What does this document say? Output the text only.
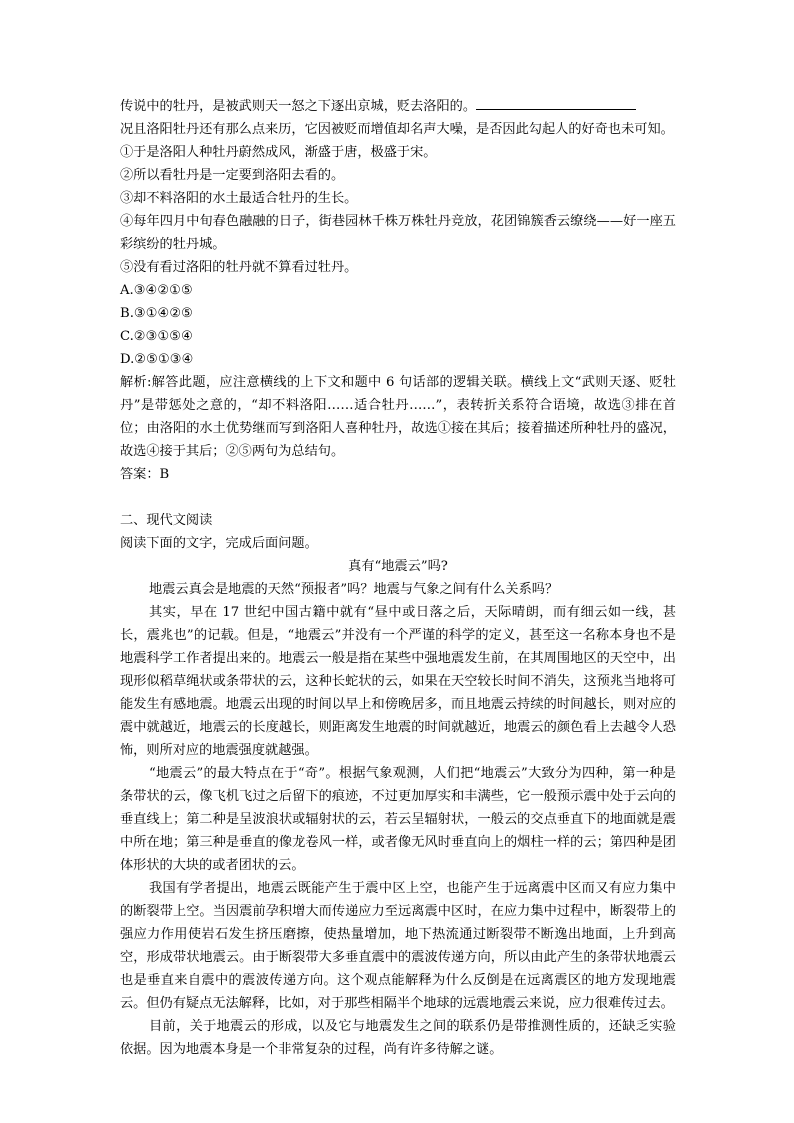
传说中的牡丹，是被武则天一怒之下逐出京城，贬去洛阳的。

况且洛阳牡丹还有那么点来历，它因被贬而增值却名声大噪，是否因此勾起人的好奇也未可知。

①于是洛阳人种牡丹蔚然成风，渐盛于唐，极盛于宋。

②所以看牡丹是一定要到洛阳去看的。

③却不料洛阳的水土最适合牡丹的生长。

④每年四月中旬春色融融的日子，街巷园林千株万株牡丹竞放，花团锦簇香云缭绕——好一座五彩缤纷的牡丹城。

⑤没有看过洛阳的牡丹就不算看过牡丹。

A.③④②①⑤

B.③①④②⑤

C.②③①⑤④

D.②⑤①③④

解析:解答此题，应注意横线的上下文和题中 6 句话部的逻辑关联。横线上文“武则天逐、贬牡丹”是带惩处之意的，“却不料洛阳……适合牡丹……”，表转折关系符合语境，故选③排在首位；由洛阳的水土优势继而写到洛阳人喜种牡丹，故选①接在其后；接着描述所种牡丹的盛况，故选④接于其后；②⑤两句为总结句。

答案：B

二、现代文阅读

阅读下面的文字，完成后面问题。

真有“地震云”吗?

地震云真会是地震的天然“预报者”吗？地震与气象之间有什么关系吗？

其实，早在 17 世纪中国古籍中就有“昼中或日落之后，天际晴朗，而有细云如一线，甚长，震兆也”的记载。但是，“地震云”并没有一个严谨的科学的定义，甚至这一名称本身也不是地震科学工作者提出来的。地震云一般是指在某些中强地震发生前，在其周围地区的天空中，出现形似稻草绳状或条带状的云，这种长蛇状的云，如果在天空较长时间不消失，这预兆当地将可能发生有感地震。地震云出现的时间以早上和傍晚居多，而且地震云持续的时间越长，则对应的震中就越近，地震云的长度越长，则距离发生地震的时间就越近，地震云的颜色看上去越令人恐怖，则所对应的地震强度就越强。

“地震云”的最大特点在于“奇”。根据气象观测，人们把“地震云”大致分为四种，第一种是条带状的云，像飞机飞过之后留下的痕迹，不过更加厚实和丰满些，它一般预示震中处于云向的垂直线上；第二种是呈波浪状或辐射状的云，若云呈辐射状，一般云的交点垂直下的地面就是震中所在地；第三种是垂直的像龙卷风一样，或者像无风时垂直向上的烟柱一样的云；第四种是团体形状的大块的或者团状的云。

我国有学者提出，地震云既能产生于震中区上空，也能产生于远离震中区而又有应力集中的断裂带上空。当因震前孕积增大而传递应力至远离震中区时，在应力集中过程中，断裂带上的强应力作用使岩石发生挤压磨擦，使热量增加，地下热流通过断裂带不断逸出地面，上升到高空，形成带状地震云。由于断裂带大多垂直震中的震波传递方向，所以由此产生的条带状地震云也是垂直来自震中的震波传递方向。这个观点能解释为什么反倒是在远离震区的地方发现地震云。但仍有疑点无法解释，比如，对于那些相隔半个地球的远震地震云来说，应力很难传过去。

目前，关于地震云的形成，以及它与地震发生之间的联系仍是带推测性质的，还缺乏实验依据。因为地震本身是一个非常复杂的过程，尚有许多待解之谜。
